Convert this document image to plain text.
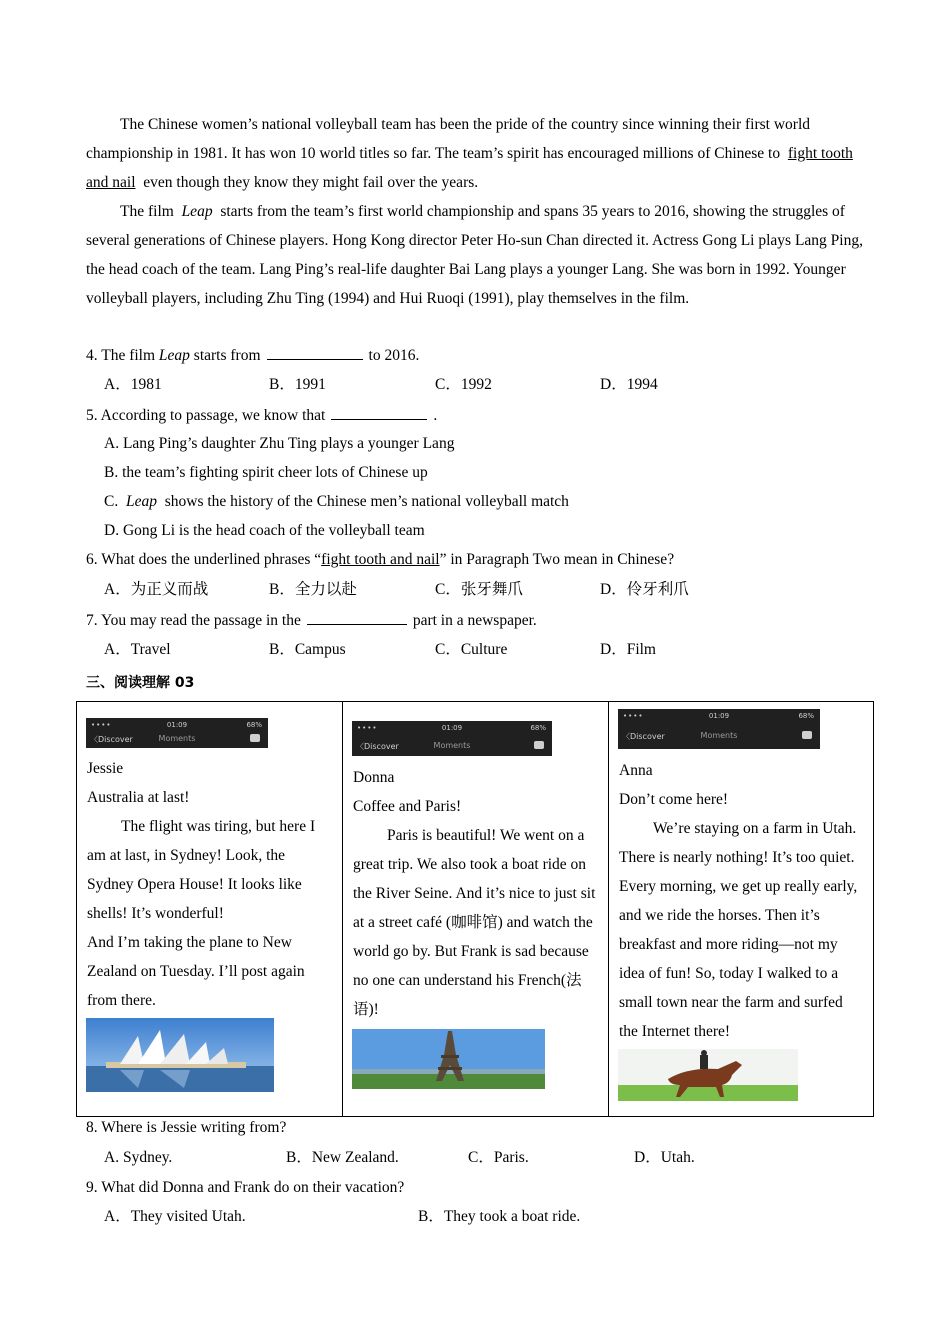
The Chinese women’s national volleyball team has been the pride of the country since winning their first world championship in 1981. It has won 10 world titles so far. The team’s spirit has encouraged millions of Chinese to fight tooth and nail even though they know they might fail over the years.
The film Leap starts from the team’s first world championship and spans 35 years to 2016, showing the struggles of several generations of Chinese players. Hong Kong director Peter Ho-sun Chan directed it. Actress Gong Li plays Lang Ping, the head coach of the team. Lang Ping’s real-life daughter Bai Lang plays a younger Lang. She was born in 1992. Younger volleyball players, including Zhu Ting (1994) and Hui Ruoqi (1991), play themselves in the film.
4. The film Leap starts from	to 2016.
A．1981	B．1991	C．1992	D．1994
5. According to passage, we know that	.
A. Lang Ping’s daughter Zhu Ting plays a younger Lang
B. the team’s fighting spirit cheer lots of Chinese up
C. Leap shows the history of the Chinese men’s national volleyball match
D. Gong Li is the head coach of the volleyball team
6. What does the underlined phrases “fight tooth and nail” in Paragraph Two mean in Chinese?
A．为正义而战	B．全力以赴	C．张牙舞爪	D．伶牙利爪
7. You may read the passage in the	part in a newspaper.
A．Travel	B．Campus	C．Culture	D．Film
三、阅读理解 03
••••	01:09	68%
〈Discover	Moments
Jessie
Australia at last!
The flight was tiring, but here I am at last, in Sydney! Look, the Sydney Opera House! It looks like shells! It’s wonderful!
And I’m taking the plane to New Zealand on Tuesday. I’ll post again from there.
••••	01:09	68%
〈Discover	Moments
Donna
Coffee and Paris!
Paris is beautiful! We went on a great trip. We also took a boat ride on the River Seine. And it’s nice to just sit at a street café (咖啡馆) and watch the world go by. But Frank is sad because no one can understand his French(法语)!
••••	01:09	68%
〈Discover	Moments
Anna
Don’t come here!
We’re staying on a farm in Utah. There is nearly nothing! It’s too quiet. Every morning, we get up really early, and we ride the horses. Then it’s breakfast and more riding—not my idea of fun! So, today I walked to a small town near the farm and surfed the Internet there!
8. Where is Jessie writing from?
A. Sydney.	B．New Zealand.	C．Paris.	D．Utah.
9. What did Donna and Frank do on their vacation?
A．They visited Utah.	B．They took a boat ride.
